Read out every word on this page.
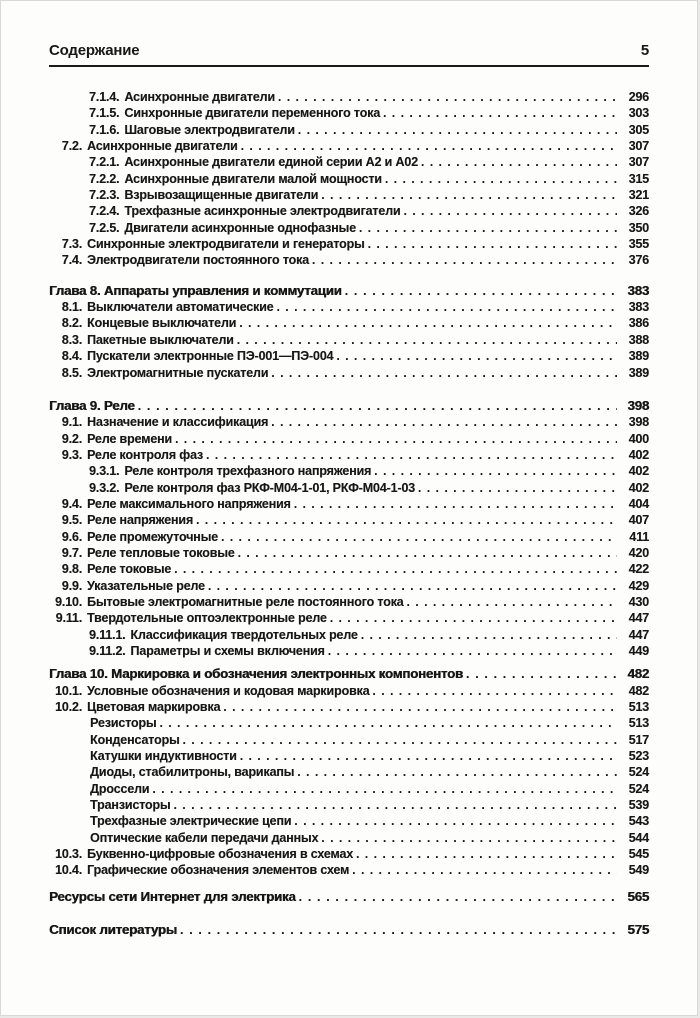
Содержание	5
7.1.4. Асинхронные двигатели . . .	296
7.1.5. Синхронные двигатели переменного тока . . .	303
7.1.6. Шаговые электродвигатели . . .	305
7.2. Асинхронные двигатели . . .	307
7.2.1. Асинхронные двигатели единой серии А2 и А02 . . .	307
7.2.2. Асинхронные двигатели малой мощности . . .	315
7.2.3. Взрывозащищенные двигатели . . .	321
7.2.4. Трехфазные асинхронные электродвигатели . . .	326
7.2.5. Двигатели асинхронные однофазные . . .	350
7.3. Синхронные электродвигатели и генераторы . . .	355
7.4. Электродвигатели постоянного тока . . .	376
Глава 8. Аппараты управления и коммутации . . .	383
8.1. Выключатели автоматические . . .	383
8.2. Концевые выключатели . . .	386
8.3. Пакетные выключатели . . .	388
8.4. Пускатели электронные ПЭ-001—ПЭ-004 . . .	389
8.5. Электромагнитные пускатели . . .	389
Глава 9. Реле . . .	398
9.1. Назначение и классификация . . .	398
9.2. Реле времени . . .	400
9.3. Реле контроля фаз . . .	402
9.3.1. Реле контроля трехфазного напряжения . . .	402
9.3.2. Реле контроля фаз РКФ-М04-1-01, РКФ-М04-1-03 . . .	402
9.4. Реле максимального напряжения . . .	404
9.5. Реле напряжения . . .	407
9.6. Реле промежуточные . . .	411
9.7. Реле тепловые токовые . . .	420
9.8. Реле токовые . . .	422
9.9. Указательные реле . . .	429
9.10. Бытовые электромагнитные реле постоянного тока . . .	430
9.11. Твердотельные оптоэлектронные реле . . .	447
9.11.1. Классификация твердотельных реле . . .	447
9.11.2. Параметры и схемы включения . . .	449
Глава 10. Маркировка и обозначения электронных компонентов . . .	482
10.1. Условные обозначения и кодовая маркировка . . .	482
10.2. Цветовая маркировка . . .	513
Резисторы . . .	513
Конденсаторы . . .	517
Катушки индуктивности . . .	523
Диоды, стабилитроны, варикапы . . .	524
Дроссели . . .	524
Транзисторы . . .	539
Трехфазные электрические цепи . . .	543
Оптические кабели передачи данных . . .	544
10.3. Буквенно-цифровые обозначения в схемах . . .	545
10.4. Графические обозначения элементов схем . . .	549
Ресурсы сети Интернет для электрика . . .	565
Список литературы . . .	575
